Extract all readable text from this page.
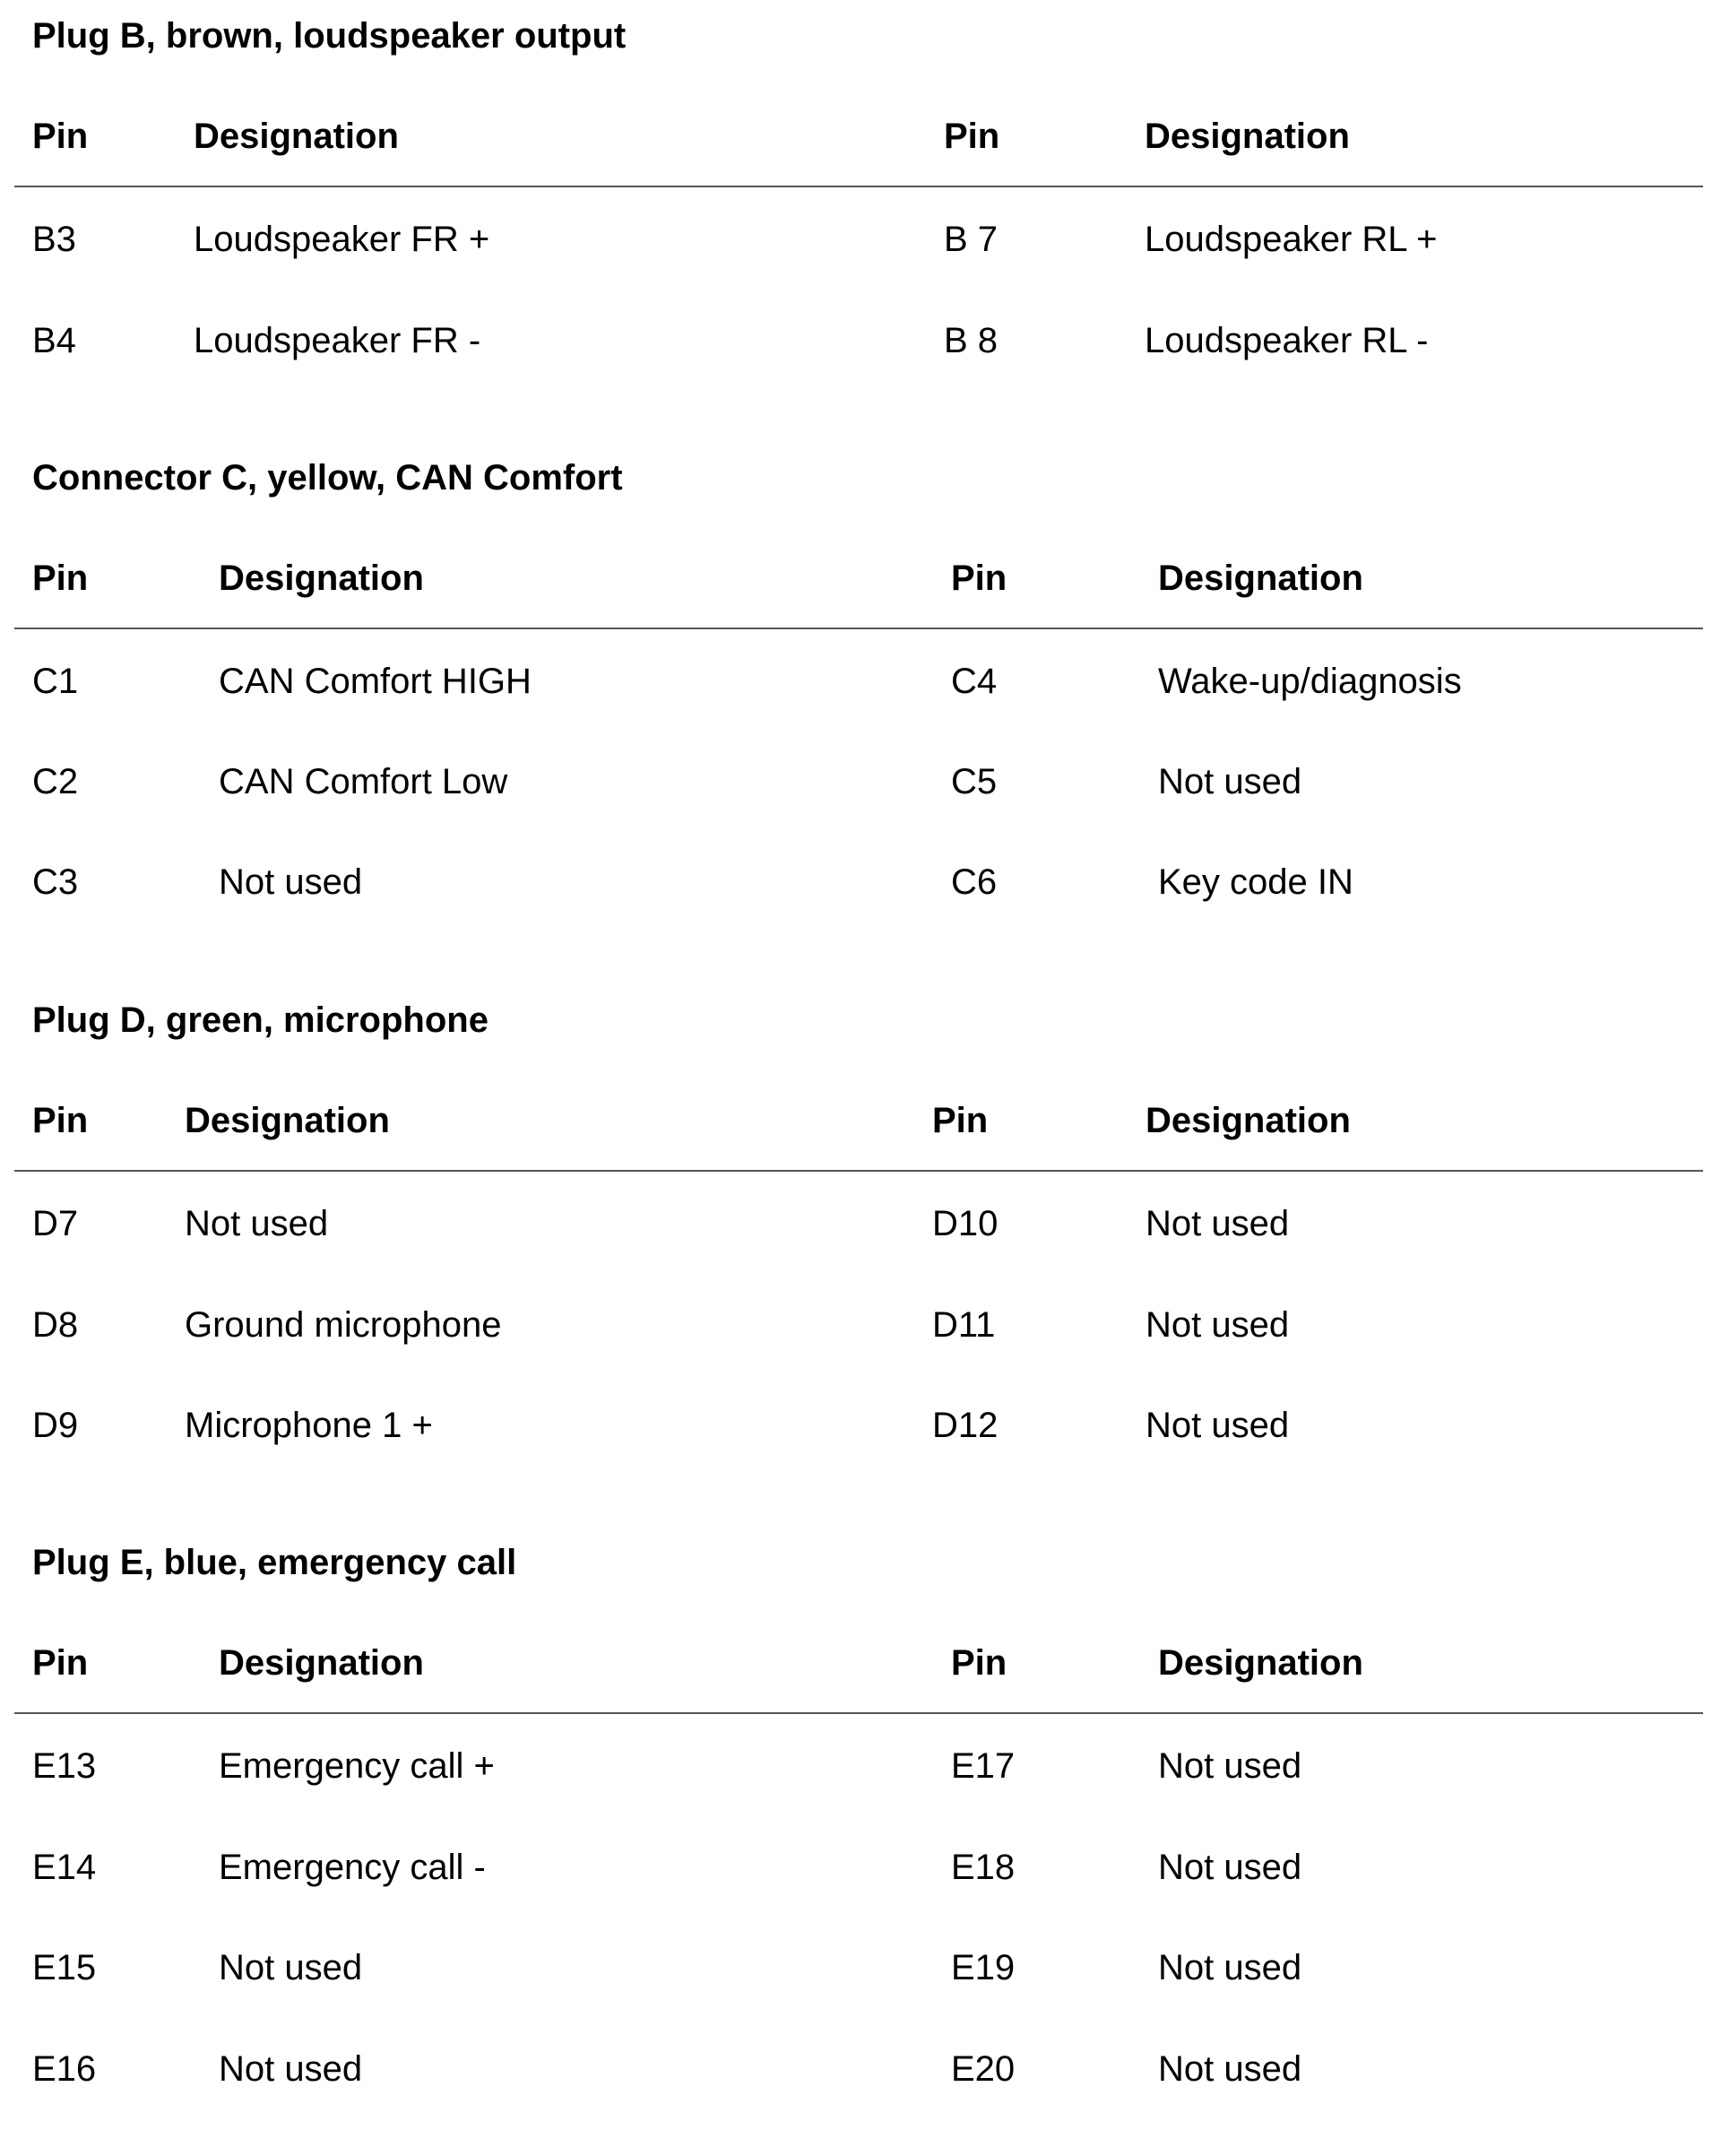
Plug B, brown, loudspeaker output
Pin	Designation	Pin	Designation
B3	Loudspeaker FR +	B 7	Loudspeaker RL +
B4	Loudspeaker FR -	B 8	Loudspeaker RL -
Connector C, yellow, CAN Comfort
Pin	Designation	Pin	Designation
C1	CAN Comfort HIGH	C4	Wake-up/diagnosis
C2	CAN Comfort Low	C5	Not used
C3	Not used	C6	Key code IN
Plug D, green, microphone
Pin	Designation	Pin	Designation
D7	Not used	D10	Not used
D8	Ground microphone	D11	Not used
D9	Microphone 1 +	D12	Not used
Plug E, blue, emergency call
Pin	Designation	Pin	Designation
E13	Emergency call +	E17	Not used
E14	Emergency call -	E18	Not used
E15	Not used	E19	Not used
E16	Not used	E20	Not used
